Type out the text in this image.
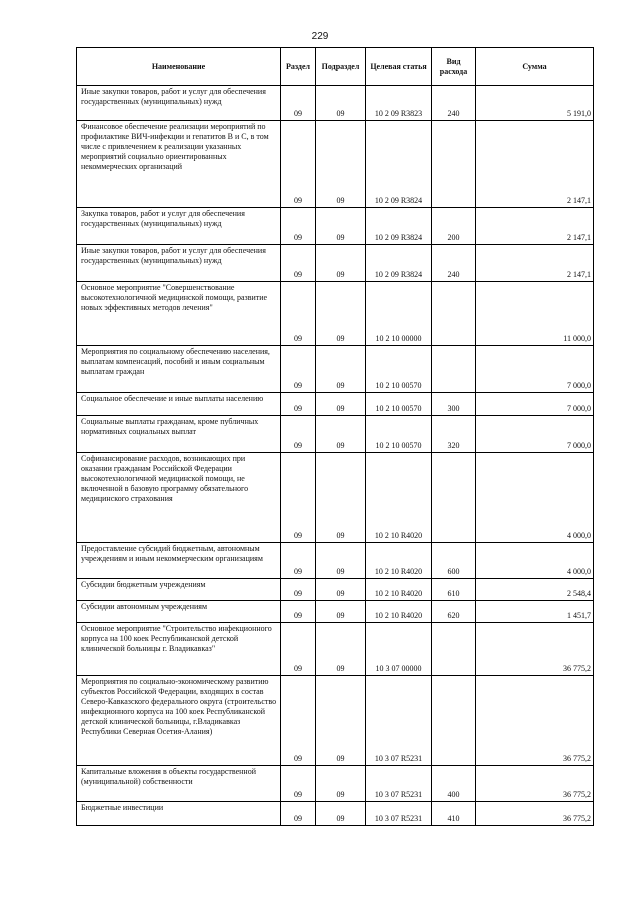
229
Наименование	Раздел	Подраздел	Целевая статья	Вид расхода	Сумма
Иные закупки товаров, работ и услуг для обеспечения государственных (муниципальных) нужд	09	09	10 2 09 R3823	240	5 191,0
Финансовое обеспечение реализации мероприятий по профилактике ВИЧ-инфекции и гепатитов В и С, в том числе с привлечением к реализации указанных мероприятий социально ориентированных некоммерческих организаций	09	09	10 2 09 R3824		2 147,1
Закупка товаров, работ и услуг для обеспечения государственных (муниципальных) нужд	09	09	10 2 09 R3824	200	2 147,1
Иные закупки товаров, работ и услуг для обеспечения государственных (муниципальных) нужд	09	09	10 2 09 R3824	240	2 147,1
Основное мероприятие "Совершенствование высокотехнологичной медицинской помощи, развитие новых эффективных методов лечения"	09	09	10 2 10 00000		11 000,0
Мероприятия по социальному обеспечению населения, выплатам компенсаций, пособий и иным социальным выплатам граждан	09	09	10 2 10 00570		7 000,0
Социальное обеспечение и иные выплаты населению	09	09	10 2 10 00570	300	7 000,0
Социальные выплаты гражданам, кроме публичных нормативных социальных выплат	09	09	10 2 10 00570	320	7 000,0
Софинансирование расходов, возникающих при оказании гражданам Российской Федерации высокотехнологичной медицинской помощи, не включенной в базовую программу обязательного медицинского страхования	09	09	10 2 10 R4020		4 000,0
Предоставление субсидий бюджетным, автономным учреждениям и иным некоммерческим организациям	09	09	10 2 10 R4020	600	4 000,0
Субсидии бюджетным учреждениям	09	09	10 2 10 R4020	610	2 548,4
Субсидии автономным учреждениям	09	09	10 2 10 R4020	620	1 451,7
Основное мероприятие "Строительство инфекционного корпуса на 100 коек Республиканской детской клинической больницы г. Владикавказ"	09	09	10 3 07 00000		36 775,2
Мероприятия по социально-экономическому развитию субъектов Российской Федерации, входящих в состав Северо-Кавказского федерального округа (строительство инфекционного корпуса на 100 коек Республиканской детской клинической больницы, г.Владикавказ Республики Северная Осетия-Алания)	09	09	10 3 07 R5231		36 775,2
Капитальные вложения в объекты государственной (муниципальной) собственности	09	09	10 3 07 R5231	400	36 775,2
Бюджетные инвестиции	09	09	10 3 07 R5231	410	36 775,2
